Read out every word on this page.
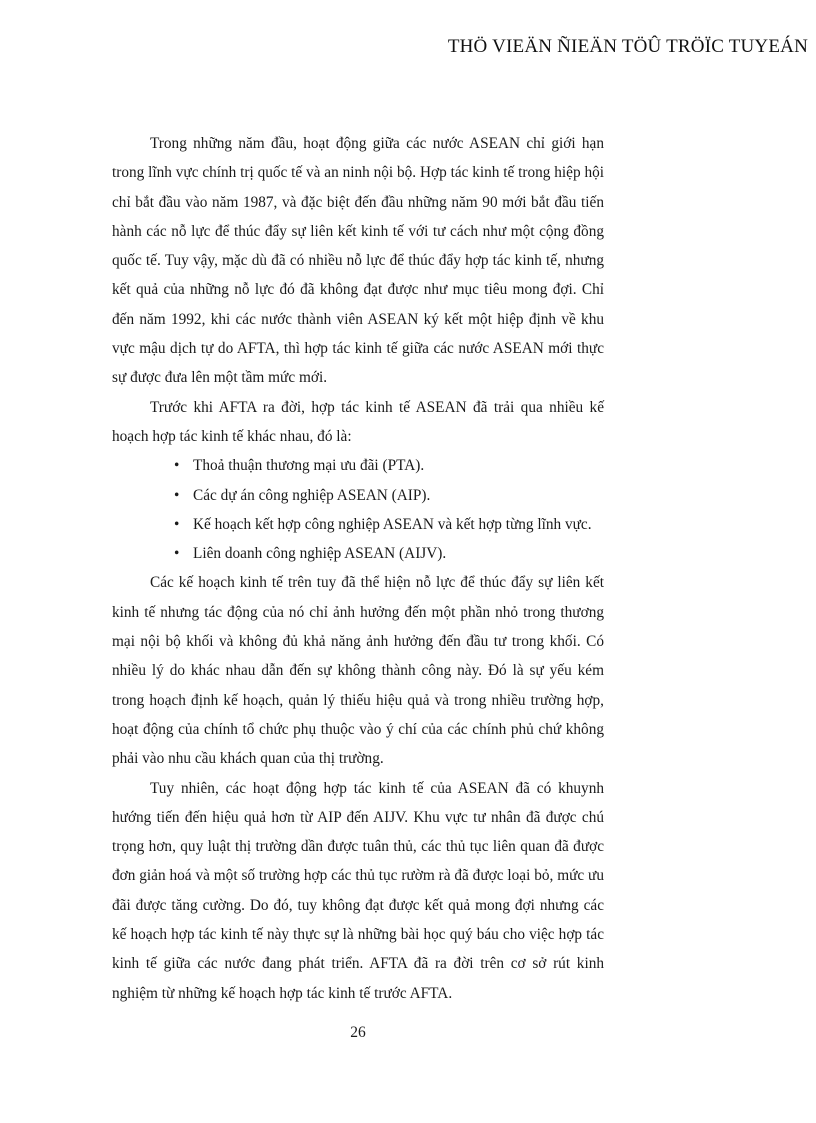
THÖ VIEÄN ÑIEÄN TÖÛ TRÖÏC TUYEÁN

Trong những năm đầu, hoạt động giữa các nước ASEAN chỉ giới hạn trong lĩnh vực chính trị quốc tế và an ninh nội bộ. Hợp tác kinh tế trong hiệp hội chỉ bắt đầu vào năm 1987, và đặc biệt đến đầu những năm 90 mới bắt đầu tiến hành các nỗ lực để thúc đẩy sự liên kết kinh tế với tư cách như một cộng đồng quốc tế. Tuy vậy, mặc dù đã có nhiều nỗ lực để thúc đẩy hợp tác kinh tế, nhưng kết quả của những nỗ lực đó đã không đạt được như mục tiêu mong đợi. Chỉ đến năm 1992, khi các nước thành viên ASEAN ký kết một hiệp định về khu vực mậu dịch tự do AFTA, thì hợp tác kinh tế giữa các nước ASEAN mới thực sự được đưa lên một tầm mức mới.

Trước khi AFTA ra đời, hợp tác kinh tế ASEAN đã trải qua nhiều kế hoạch hợp tác kinh tế khác nhau, đó là:

• Thoả thuận thương mại ưu đãi (PTA).
• Các dự án công nghiệp ASEAN (AIP).
• Kế hoạch kết hợp công nghiệp ASEAN và kết hợp từng lĩnh vực.
• Liên doanh công nghiệp ASEAN (AIJV).

Các kế hoạch kinh tế trên tuy đã thể hiện nỗ lực để thúc đẩy sự liên kết kinh tế nhưng tác động của nó chỉ ảnh hưởng đến một phần nhỏ trong thương mại nội bộ khối và không đủ khả năng ảnh hưởng đến đầu tư trong khối. Có nhiều lý do khác nhau dẫn đến sự không thành công này. Đó là sự yếu kém trong hoạch định kế hoạch, quản lý thiếu hiệu quả và trong nhiều trường hợp, hoạt động của chính tổ chức phụ thuộc vào ý chí của các chính phủ chứ không phải vào nhu cầu khách quan của thị trường.

Tuy nhiên, các hoạt động hợp tác kinh tế của ASEAN đã có khuynh hướng tiến đến hiệu quả hơn từ AIP đến AIJV. Khu vực tư nhân đã được chú trọng hơn, quy luật thị trường dần được tuân thủ, các thủ tục liên quan đã được đơn giản hoá và một số trường hợp các thủ tục rườm rà đã được loại bỏ, mức ưu đãi được tăng cường. Do đó, tuy không đạt được kết quả mong đợi nhưng các kế hoạch hợp tác kinh tế này thực sự là những bài học quý báu cho việc hợp tác kinh tế giữa các nước đang phát triển. AFTA đã ra đời trên cơ sở rút kinh nghiệm từ những kế hoạch hợp tác kinh tế trước AFTA.

26
